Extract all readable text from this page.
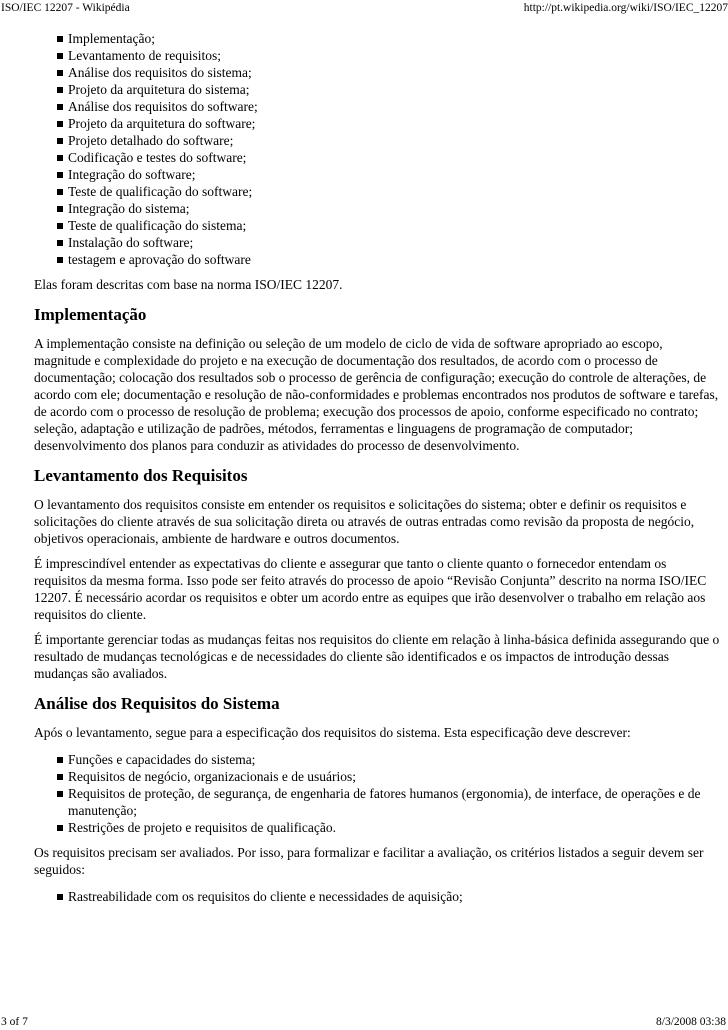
ISO/IEC 12207 - Wikipédia	http://pt.wikipedia.org/wiki/ISO/IEC_12207
Implementação;
Levantamento de requisitos;
Análise dos requisitos do sistema;
Projeto da arquitetura do sistema;
Análise dos requisitos do software;
Projeto da arquitetura do software;
Projeto detalhado do software;
Codificação e testes do software;
Integração do software;
Teste de qualificação do software;
Integração do sistema;
Teste de qualificação do sistema;
Instalação do software;
testagem e aprovação do software

Elas foram descritas com base na norma ISO/IEC 12207.

Implementação

A implementação consiste na definição ou seleção de um modelo de ciclo de vida de software apropriado ao escopo, magnitude e complexidade do projeto e na execução de documentação dos resultados, de acordo com o processo de documentação; colocação dos resultados sob o processo de gerência de configuração; execução do controle de alterações, de acordo com ele; documentação e resolução de não-conformidades e problemas encontrados nos produtos de software e tarefas, de acordo com o processo de resolução de problema; execução dos processos de apoio, conforme especificado no contrato; seleção, adaptação e utilização de padrões, métodos, ferramentas e linguagens de programação de computador; desenvolvimento dos planos para conduzir as atividades do processo de desenvolvimento.

Levantamento dos Requisitos

O levantamento dos requisitos consiste em entender os requisitos e solicitações do sistema; obter e definir os requisitos e solicitações do cliente através de sua solicitação direta ou através de outras entradas como revisão da proposta de negócio, objetivos operacionais, ambiente de hardware e outros documentos.

É imprescindível entender as expectativas do cliente e assegurar que tanto o cliente quanto o fornecedor entendam os requisitos da mesma forma. Isso pode ser feito através do processo de apoio “Revisão Conjunta” descrito na norma ISO/IEC 12207. É necessário acordar os requisitos e obter um acordo entre as equipes que irão desenvolver o trabalho em relação aos requisitos do cliente.

É importante gerenciar todas as mudanças feitas nos requisitos do cliente em relação à linha-básica definida assegurando que o resultado de mudanças tecnológicas e de necessidades do cliente são identificados e os impactos de introdução dessas mudanças são avaliados.

Análise dos Requisitos do Sistema

Após o levantamento, segue para a especificação dos requisitos do sistema. Esta especificação deve descrever:

Funções e capacidades do sistema;
Requisitos de negócio, organizacionais e de usuários;
Requisitos de proteção, de segurança, de engenharia de fatores humanos (ergonomia), de interface, de operações e de manutenção;
Restrições de projeto e requisitos de qualificação.

Os requisitos precisam ser avaliados. Por isso, para formalizar e facilitar a avaliação, os critérios listados a seguir devem ser seguidos:

Rastreabilidade com os requisitos do cliente e necessidades de aquisição;
3 of 7	8/3/2008 03:38
